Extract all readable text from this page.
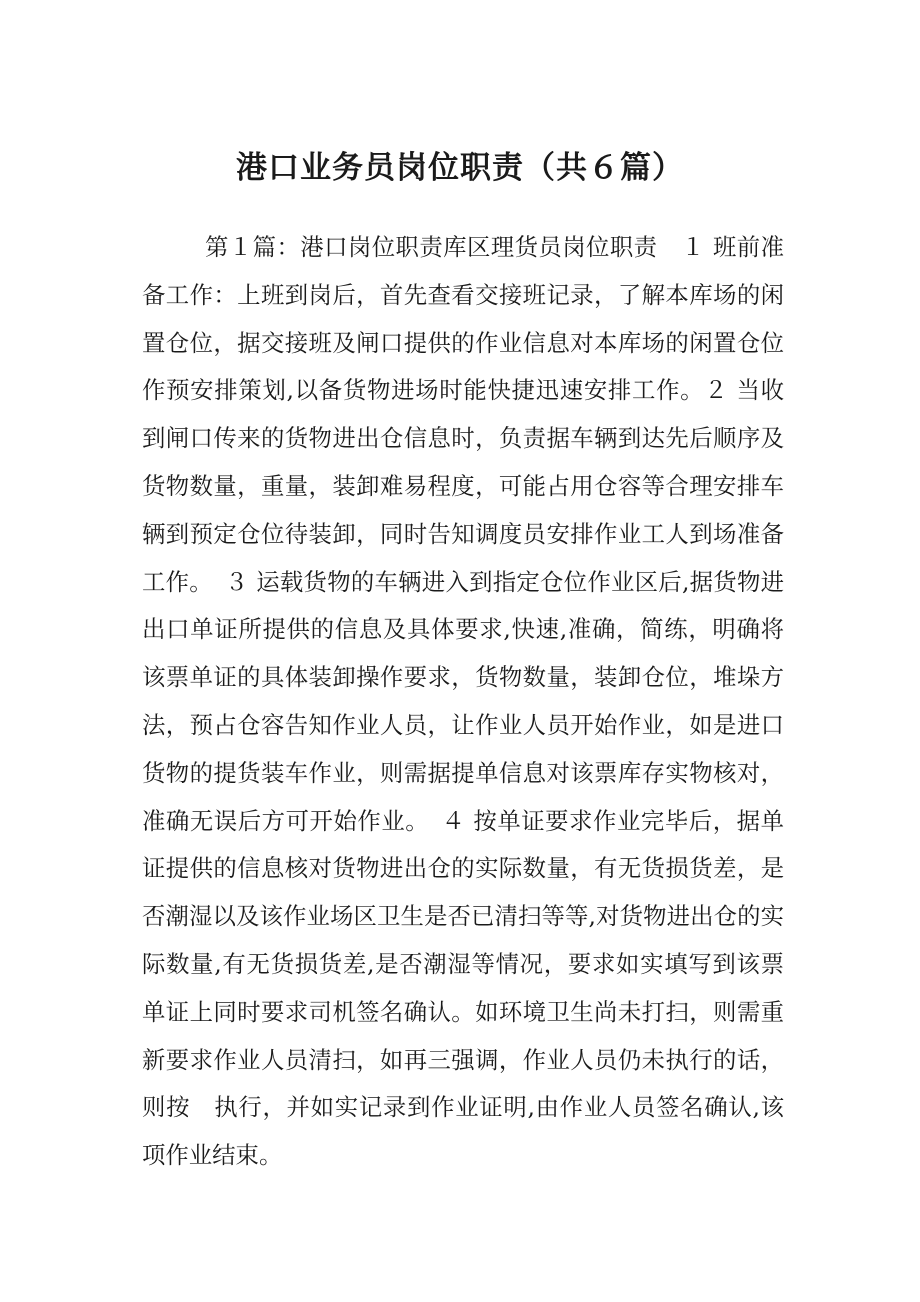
港口业务员岗位职责（共６篇）

第１篇：港口岗位职责库区理货员岗位职责　１ 班前准备工作：上班到岗后，首先查看交接班记录，了解本库场的闲置仓位，据交接班及闸口提供的作业信息对本库场的闲置仓位作预安排策划,以备货物进场时能快捷迅速安排工作。２ 当收到闸口传来的货物进出仓信息时，负责据车辆到达先后顺序及货物数量，重量，装卸难易程度，可能占用仓容等合理安排车辆到预定仓位待装卸，同时告知调度员安排作业工人到场准备工作。　３ 运载货物的车辆进入到指定仓位作业区后,据货物进出口单证所提供的信息及具体要求,快速,准确，简练，明确将该票单证的具体装卸操作要求，货物数量，装卸仓位，堆垛方法，预占仓容告知作业人员，让作业人员开始作业，如是进口货物的提货装车作业，则需据提单信息对该票库存实物核对，准确无误后方可开始作业。　４ 按单证要求作业完毕后，据单证提供的信息核对货物进出仓的实际数量，有无货损货差，是否潮湿以及该作业场区卫生是否已清扫等等,对货物进出仓的实际数量,有无货损货差,是否潮湿等情况，要求如实填写到该票单证上同时要求司机签名确认。如环境卫生尚未打扫，则需重新要求作业人员清扫，如再三强调，作业人员仍未执行的话，则按　执行，并如实记录到作业证明,由作业人员签名确认,该项作业结束。
